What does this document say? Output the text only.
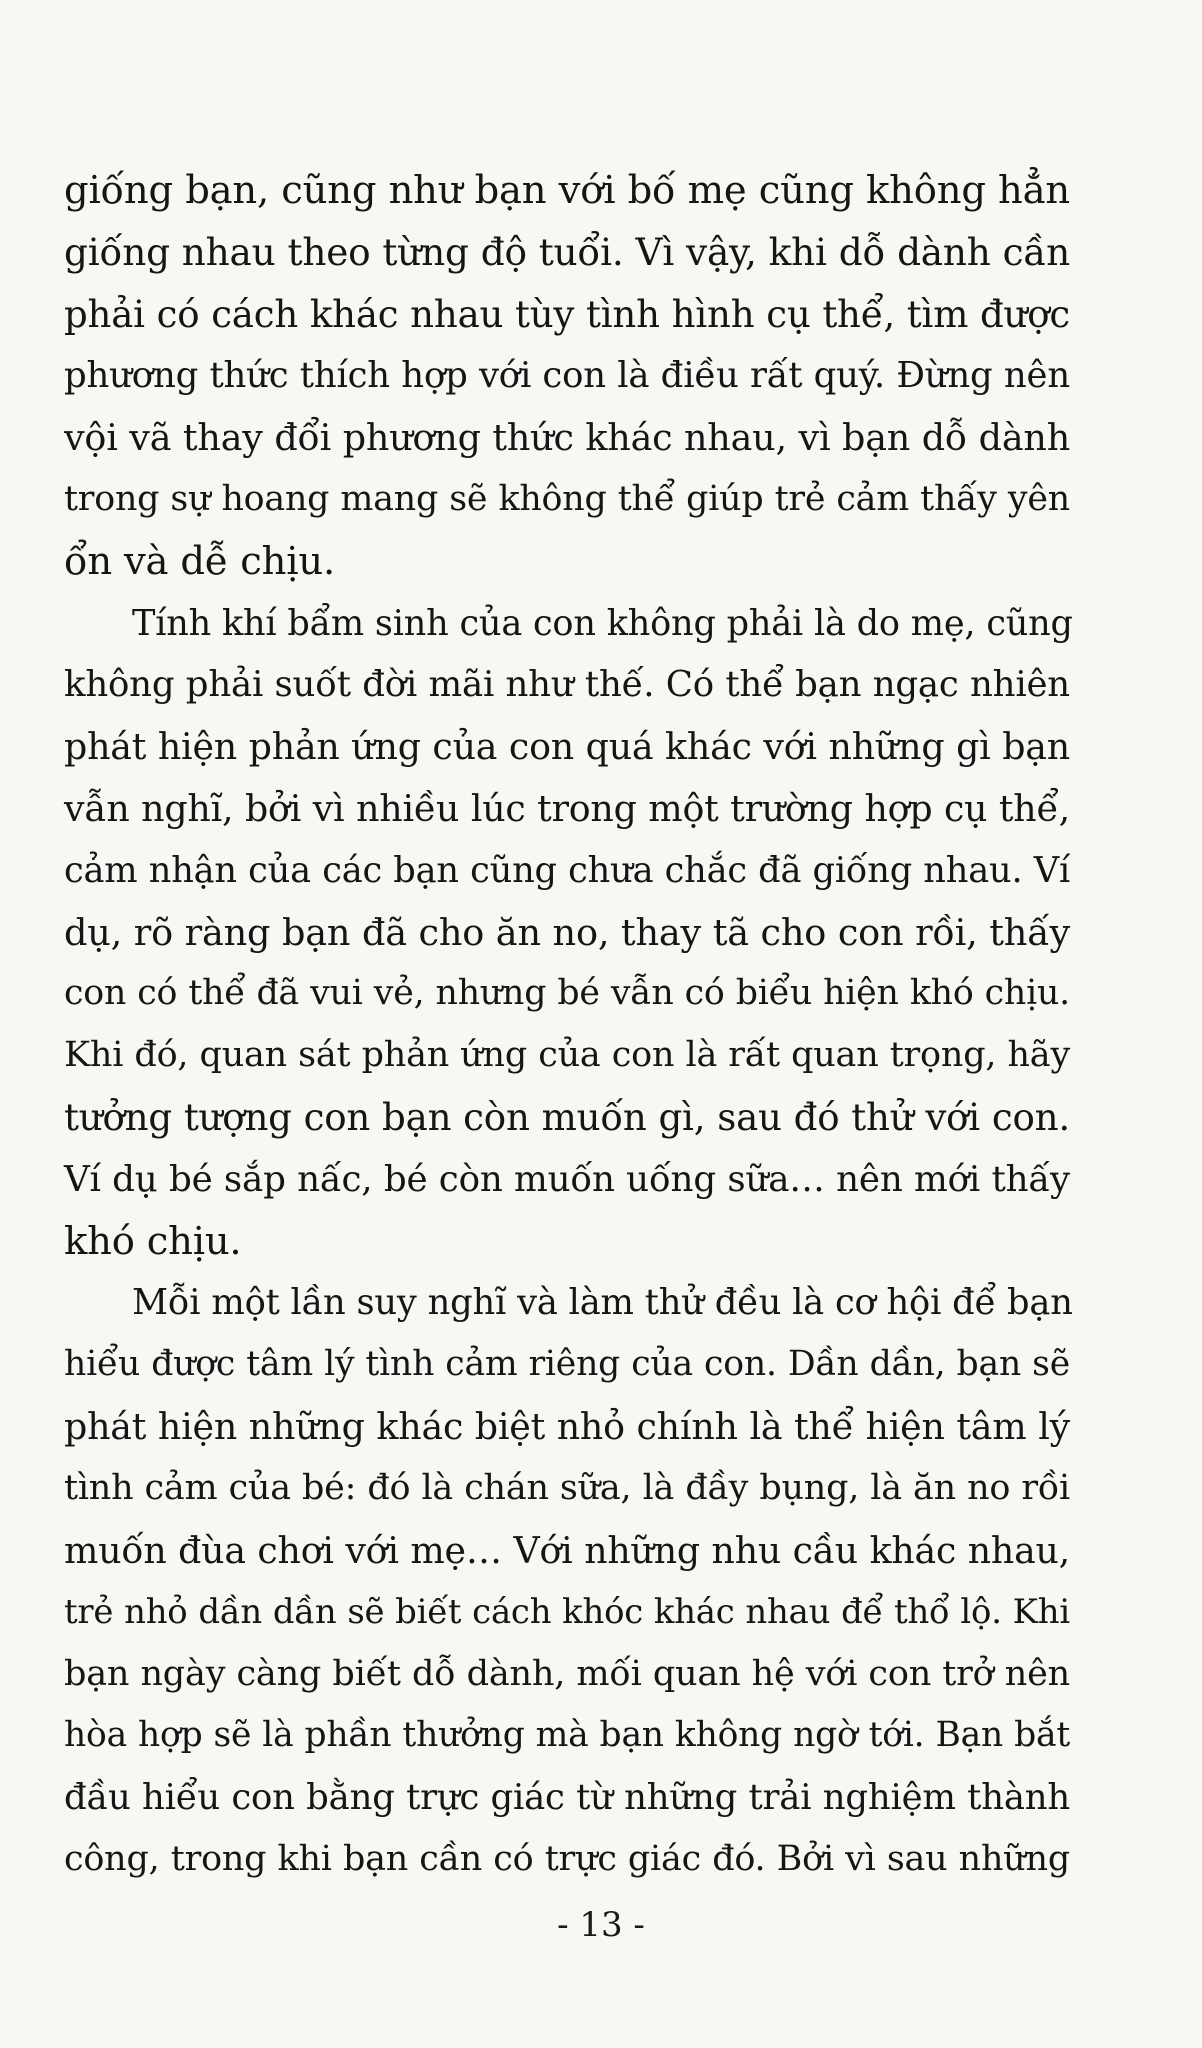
giống bạn, cũng như bạn với bố mẹ cũng không hẳn
giống nhau theo từng độ tuổi. Vì vậy, khi dỗ dành cần
phải có cách khác nhau tùy tình hình cụ thể, tìm được
phương thức thích hợp với con là điều rất quý. Đừng nên
vội vã thay đổi phương thức khác nhau, vì bạn dỗ dành
trong sự hoang mang sẽ không thể giúp trẻ cảm thấy yên
ổn và dễ chịu.
Tính khí bẩm sinh của con không phải là do mẹ, cũng
không phải suốt đời mãi như thế. Có thể bạn ngạc nhiên
phát hiện phản ứng của con quá khác với những gì bạn
vẫn nghĩ, bởi vì nhiều lúc trong một trường hợp cụ thể,
cảm nhận của các bạn cũng chưa chắc đã giống nhau. Ví
dụ, rõ ràng bạn đã cho ăn no, thay tã cho con rồi, thấy
con có thể đã vui vẻ, nhưng bé vẫn có biểu hiện khó chịu.
Khi đó, quan sát phản ứng của con là rất quan trọng, hãy
tưởng tượng con bạn còn muốn gì, sau đó thử với con.
Ví dụ bé sắp nấc, bé còn muốn uống sữa… nên mới thấy
khó chịu.
Mỗi một lần suy nghĩ và làm thử đều là cơ hội để bạn
hiểu được tâm lý tình cảm riêng của con. Dần dần, bạn sẽ
phát hiện những khác biệt nhỏ chính là thể hiện tâm lý
tình cảm của bé: đó là chán sữa, là đầy bụng, là ăn no rồi
muốn đùa chơi với mẹ… Với những nhu cầu khác nhau,
trẻ nhỏ dần dần sẽ biết cách khóc khác nhau để thổ lộ. Khi
bạn ngày càng biết dỗ dành, mối quan hệ với con trở nên
hòa hợp sẽ là phần thưởng mà bạn không ngờ tới. Bạn bắt
đầu hiểu con bằng trực giác từ những trải nghiệm thành
công, trong khi bạn cần có trực giác đó. Bởi vì sau những
- 13 -
